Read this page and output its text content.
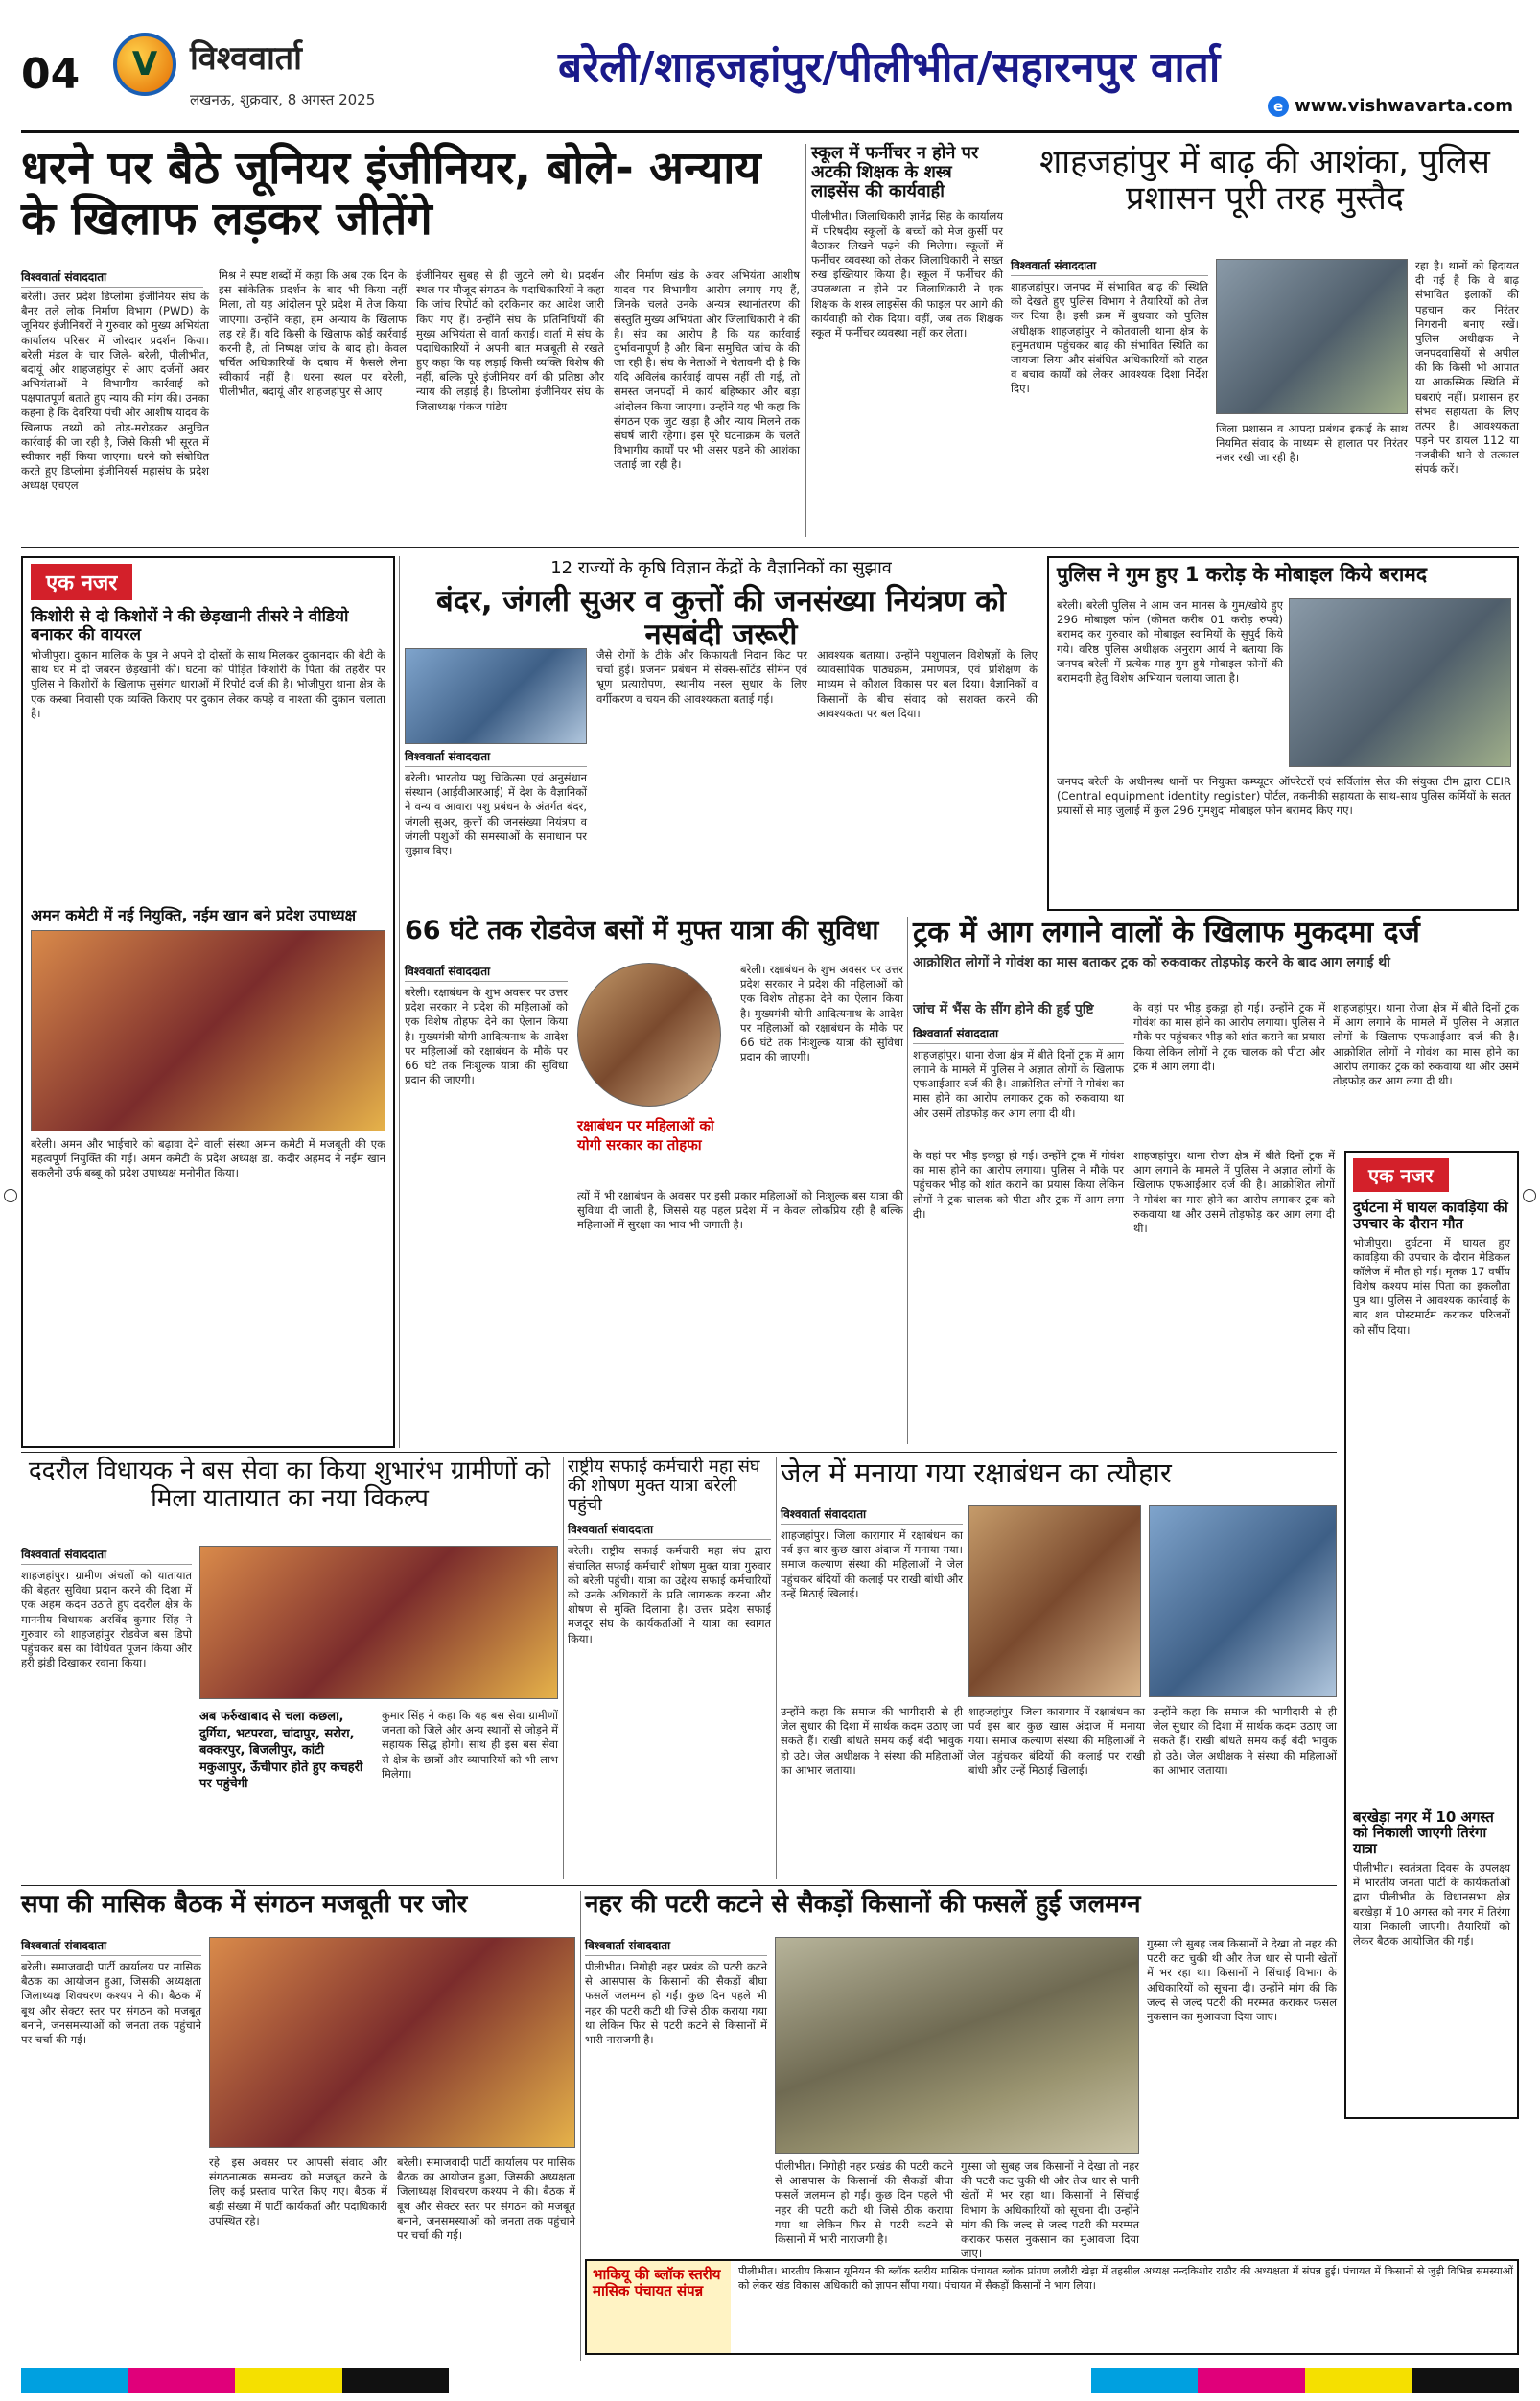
04	V विश्ववार्ता
लखनऊ, शुक्रवार, 8 अगस्त 2025
बरेली/शाहजहांपुर/पीलीभीत/सहारनपुर वार्ता
e www.vishwavarta.com
धरने पर बैठे जूनियर इंजीनियर, बोले- अन्याय के खिलाफ लड़कर जीतेंगे
विश्ववार्ता संवाददाता
बरेली। उत्तर प्रदेश डिप्लोमा इंजीनियर संघ के बैनर तले लोक निर्माण विभाग (PWD) के जूनियर इंजीनियरों ने गुरुवार को मुख्य अभियंता कार्यालय परिसर में जोरदार प्रदर्शन किया। बरेली मंडल के चार जिले- बरेली, पीलीभीत, बदायूं और शाहजहांपुर से आए दर्जनों अवर अभियंताओं ने विभागीय कार्रवाई को पक्षपातपूर्ण बताते हुए न्याय की मांग की। उनका कहना है कि देवरिया पंची और आशीष यादव के खिलाफ तथ्यों को तोड़-मरोड़कर अनुचित कार्रवाई की जा रही है, जिसे किसी भी सूरत में स्वीकार नहीं किया जाएगा। धरने को संबोधित करते हुए डिप्लोमा इंजीनियर्स महासंघ के प्रदेश अध्यक्ष एचएल
मिश्र ने स्पष्ट शब्दों में कहा कि अब एक दिन के इस सांकेतिक प्रदर्शन के बाद भी किया नहीं मिला, तो यह आंदोलन पूरे प्रदेश में तेज किया जाएगा। उन्होंने कहा, हम अन्याय के खिलाफ लड़ रहे हैं। यदि किसी के खिलाफ कोई कार्रवाई करनी है, तो निष्पक्ष जांच के बाद हो। केवल चर्चित अधिकारियों के दबाव में फैसले लेना स्वीकार्य नहीं है। धरना स्थल पर बरेली, पीलीभीत, बदायूं और शाहजहांपुर से आए
इंजीनियर सुबह से ही जुटने लगे थे। प्रदर्शन स्थल पर मौजूद संगठन के पदाधिकारियों ने कहा कि जांच रिपोर्ट को दरकिनार कर आदेश जारी किए गए हैं। उन्होंने संघ के प्रतिनिधियों की मुख्य अभियंता से वार्ता कराई। वार्ता में संघ के पदाधिकारियों ने अपनी बात मजबूती से रखते हुए कहा कि यह लड़ाई किसी व्यक्ति विशेष की नहीं, बल्कि पूरे इंजीनियर वर्ग की प्रतिष्ठा और न्याय की लड़ाई है। डिप्लोमा इंजीनियर संघ के जिलाध्यक्ष पंकज पांडेय
और निर्माण खंड के अवर अभियंता आशीष यादव पर विभागीय आरोप लगाए गए हैं, जिनके चलते उनके अन्यत्र स्थानांतरण की संस्तुति मुख्य अभियंता और जिलाधिकारी ने की है। संघ का आरोप है कि यह कार्रवाई दुर्भावनापूर्ण है और बिना समुचित जांच के की जा रही है। संघ के नेताओं ने चेतावनी दी है कि यदि अविलंब कार्रवाई वापस नहीं ली गई, तो समस्त जनपदों में कार्य बहिष्कार और बड़ा आंदोलन किया जाएगा। उन्होंने यह भी कहा कि संगठन एक जुट खड़ा है और न्याय मिलने तक संघर्ष जारी रहेगा। इस पूरे घटनाक्रम के चलते विभागीय कार्यों पर भी असर पड़ने की आशंका जताई जा रही है।
स्कूल में फर्नीचर न होने पर अटकी शिक्षक के शस्त्र लाइसेंस की कार्यवाही
पीलीभीत। जिलाधिकारी ज्ञानेंद्र सिंह के कार्यालय में परिषदीय स्कूलों के बच्चों को मेज कुर्सी पर बैठाकर लिखने पढ़ने की मिलेगा। स्कूलों में फर्नीचर व्यवस्था को लेकर जिलाधिकारी ने सख्त रुख इख्तियार किया है। स्कूल में फर्नीचर की उपलब्धता न होने पर जिलाधिकारी ने एक शिक्षक के शस्त्र लाइसेंस की फाइल पर आगे की कार्यवाही को रोक दिया। वहीं, जब तक शिक्षक स्कूल में फर्नीचर व्यवस्था नहीं कर लेता।
शाहजहांपुर में बाढ़ की आशंका, पुलिस प्रशासन पूरी तरह मुस्तैद
विश्ववार्ता संवाददाता
शाहजहांपुर। जनपद में संभावित बाढ़ की स्थिति को देखते हुए पुलिस विभाग ने तैयारियों को तेज कर दिया है। इसी क्रम में बुधवार को पुलिस अधीक्षक शाहजहांपुर ने कोतवाली थाना क्षेत्र के हनुमतधाम पहुंचकर बाढ़ की संभावित स्थिति का जायजा लिया और संबंधित अधिकारियों को राहत व बचाव कार्यों को लेकर आवश्यक दिशा निर्देश दिए।
जिला प्रशासन व आपदा प्रबंधन इकाई के साथ नियमित संवाद के माध्यम से हालात पर निरंतर नजर रखी जा रही है।
रहा है। थानों को हिदायत दी गई है कि वे बाढ़ संभावित इलाकों की पहचान कर निरंतर निगरानी बनाए रखें। पुलिस अधीक्षक ने जनपदवासियों से अपील की कि किसी भी आपात या आकस्मिक स्थिति में घबराएं नहीं। प्रशासन हर संभव सहायता के लिए तत्पर है। आवश्यकता पड़ने पर डायल 112 या नजदीकी थाने से तत्काल संपर्क करें।
एक नजर
किशोरी से दो किशोरों ने की छेड़खानी तीसरे ने वीडियो बनाकर की वायरल
भोजीपुरा। दुकान मालिक के पुत्र ने अपने दो दोस्तों के साथ मिलकर दुकानदार की बेटी के साथ घर में दो जबरन छेड़खानी की। घटना को पीड़ित किशोरी के पिता की तहरीर पर पुलिस ने किशोरों के खिलाफ सुसंगत धाराओं में रिपोर्ट दर्ज की है। भोजीपुरा थाना क्षेत्र के एक कस्बा निवासी एक व्यक्ति किराए पर दुकान लेकर कपड़े व नाश्ता की दुकान चलाता है।
अमन कमेटी में नई नियुक्ति, नईम खान बने प्रदेश उपाध्यक्ष
बरेली। अमन और भाईचारे को बढ़ावा देने वाली संस्था अमन कमेटी में मजबूती की एक महत्वपूर्ण नियुक्ति की गई। अमन कमेटी के प्रदेश अध्यक्ष डा. कदीर अहमद ने नईम खान सकलैनी उर्फ बब्बू को प्रदेश उपाध्यक्ष मनोनीत किया।
12 राज्यों के कृषि विज्ञान केंद्रों के वैज्ञानिकों का सुझाव
बंदर, जंगली सुअर व कुत्तों की जनसंख्या नियंत्रण को नसबंदी जरूरी
विश्ववार्ता संवाददाता
बरेली। भारतीय पशु चिकित्सा एवं अनुसंधान संस्थान (आईवीआरआई) में देश के वैज्ञानिकों ने वन्य व आवारा पशु प्रबंधन के अंतर्गत बंदर, जंगली सुअर, कुत्तों की जनसंख्या नियंत्रण व जंगली पशुओं की समस्याओं के समाधान पर सुझाव दिए।
जैसे रोगों के टीके और किफायती निदान किट पर चर्चा हुई। प्रजनन प्रबंधन में सेक्स-सॉर्टेड सीमेन एवं भ्रूण प्रत्यारोपण, स्थानीय नस्ल सुधार के लिए वर्गीकरण व चयन की आवश्यकता बताई गई।
आवश्यक बताया। उन्होंने पशुपालन विशेषज्ञों के लिए व्यावसायिक पाठ्यक्रम, प्रमाणपत्र, एवं प्रशिक्षण के माध्यम से कौशल विकास पर बल दिया। वैज्ञानिकों व किसानों के बीच संवाद को सशक्त करने की आवश्यकता पर बल दिया।
पुलिस ने गुम हुए 1 करोड़ के मोबाइल किये बरामद
बरेली। बरेली पुलिस ने आम जन मानस के गुम/खोये हुए 296 मोबाइल फोन (कीमत करीब 01 करोड़ रुपये) बरामद कर गुरुवार को मोबाइल स्वामियों के सुपुर्द किये गये। वरिष्ठ पुलिस अधीक्षक अनुराग आर्य ने बताया कि जनपद बरेली में प्रत्येक माह गुम हुये मोबाइल फोनों की बरामदगी हेतु विशेष अभियान चलाया जाता है।
जनपद बरेली के अधीनस्थ थानों पर नियुक्त कम्प्यूटर ऑपरेटरों एवं सर्विलांस सेल की संयुक्त टीम द्वारा CEIR (Central equipment identity register) पोर्टल, तकनीकी सहायता के साथ-साथ पुलिस कर्मियों के सतत प्रयासों से माह जुलाई में कुल 296 गुमशुदा मोबाइल फोन बरामद किए गए।
66 घंटे तक रोडवेज बसों में मुफ्त यात्रा की सुविधा
विश्ववार्ता संवाददाता
बरेली। रक्षाबंधन के शुभ अवसर पर उत्तर प्रदेश सरकार ने प्रदेश की महिलाओं को एक विशेष तोहफा देने का ऐलान किया है। मुख्यमंत्री योगी आदित्यनाथ के आदेश पर महिलाओं को रक्षाबंधन के मौके पर 66 घंटे तक निःशुल्क यात्रा की सुविधा प्रदान की जाएगी।
रक्षाबंधन पर महिलाओं को योगी सरकार का तोहफा
त्यों में भी रक्षाबंधन के अवसर पर इसी प्रकार महिलाओं को निःशुल्क बस यात्रा की सुविधा दी जाती है, जिससे यह पहल प्रदेश में न केवल लोकप्रिय रही है बल्कि महिलाओं में सुरक्षा का भाव भी जगाती है।
बरेली। रक्षाबंधन के शुभ अवसर पर उत्तर प्रदेश सरकार ने प्रदेश की महिलाओं को एक विशेष तोहफा देने का ऐलान किया है। मुख्यमंत्री योगी आदित्यनाथ के आदेश पर महिलाओं को रक्षाबंधन के मौके पर 66 घंटे तक निःशुल्क यात्रा की सुविधा प्रदान की जाएगी।
ट्रक में आग लगाने वालों के खिलाफ मुकदमा दर्ज
आक्रोशित लोगों ने गोवंश का मास बताकर ट्रक को रुकवाकर तोड़फोड़ करने के बाद आग लगाई थी
जांच में भैंस के सींग होने की हुई पुष्टि
विश्ववार्ता संवाददाता
शाहजहांपुर। थाना रोजा क्षेत्र में बीते दिनों ट्रक में आग लगाने के मामले में पुलिस ने अज्ञात लोगों के खिलाफ एफआईआर दर्ज की है। आक्रोशित लोगों ने गोवंश का मास होने का आरोप लगाकर ट्रक को रुकवाया था और उसमें तोड़फोड़ कर आग लगा दी थी।
के वहां पर भीड़ इकट्ठा हो गई। उन्होंने ट्रक में गोवंश का मास होने का आरोप लगाया। पुलिस ने मौके पर पहुंचकर भीड़ को शांत कराने का प्रयास किया लेकिन लोगों ने ट्रक चालक को पीटा और ट्रक में आग लगा दी।
शाहजहांपुर। थाना रोजा क्षेत्र में बीते दिनों ट्रक में आग लगाने के मामले में पुलिस ने अज्ञात लोगों के खिलाफ एफआईआर दर्ज की है। आक्रोशित लोगों ने गोवंश का मास होने का आरोप लगाकर ट्रक को रुकवाया था और उसमें तोड़फोड़ कर आग लगा दी थी।
के वहां पर भीड़ इकट्ठा हो गई। उन्होंने ट्रक में गोवंश का मास होने का आरोप लगाया। पुलिस ने मौके पर पहुंचकर भीड़ को शांत कराने का प्रयास किया लेकिन लोगों ने ट्रक चालक को पीटा और ट्रक में आग लगा दी।
शाहजहांपुर। थाना रोजा क्षेत्र में बीते दिनों ट्रक में आग लगाने के मामले में पुलिस ने अज्ञात लोगों के खिलाफ एफआईआर दर्ज की है। आक्रोशित लोगों ने गोवंश का मास होने का आरोप लगाकर ट्रक को रुकवाया था और उसमें तोड़फोड़ कर आग लगा दी थी।
एक नजर
दुर्घटना में घायल कावड़िया की उपचार के दौरान मौत
भोजीपुरा। दुर्घटना में घायल हुए कावड़िया की उपचार के दौरान मेडिकल कॉलेज में मौत हो गई। मृतक 17 वर्षीय विशेष कश्यप मांस पिता का इकलौता पुत्र था। पुलिस ने आवश्यक कार्रवाई के बाद शव पोस्टमार्टम कराकर परिजनों को सौंप दिया।
बरखेड़ा नगर में 10 अगस्त को निकाली जाएगी तिरंगा यात्रा
पीलीभीत। स्वतंत्रता दिवस के उपलक्ष्य में भारतीय जनता पार्टी के कार्यकर्ताओं द्वारा पीलीभीत के विधानसभा क्षेत्र बरखेड़ा में 10 अगस्त को नगर में तिरंगा यात्रा निकाली जाएगी। तैयारियों को लेकर बैठक आयोजित की गई।
ददरौल विधायक ने बस सेवा का किया शुभारंभ ग्रामीणों को मिला यातायात का नया विकल्प
विश्ववार्ता संवाददाता
शाहजहांपुर। ग्रामीण अंचलों को यातायात की बेहतर सुविधा प्रदान करने की दिशा में एक अहम कदम उठाते हुए ददरौल क्षेत्र के माननीय विधायक अरविंद कुमार सिंह ने गुरुवार को शाहजहांपुर रोडवेज बस डिपो पहुंचकर बस का विधिवत पूजन किया और हरी झंडी दिखाकर रवाना किया।
अब फर्रुखाबाद से चला कछला, दुर्गिया, भटपरवा, चांदापुर, सरोरा, बक्करपुर, बिजलीपुर, कांटी मकुआपुर, ऊँचीपार होते हुए कचहरी पर पहुंचेगी
कुमार सिंह ने कहा कि यह बस सेवा ग्रामीणों जनता को जिले और अन्य स्थानों से जोड़ने में सहायक सिद्ध होगी। साथ ही इस बस सेवा से क्षेत्र के छात्रों और व्यापारियों को भी लाभ मिलेगा।
राष्ट्रीय सफाई कर्मचारी महा संघ की शोषण मुक्त यात्रा बरेली पहुंची
विश्ववार्ता संवाददाता
बरेली। राष्ट्रीय सफाई कर्मचारी महा संघ द्वारा संचालित सफाई कर्मचारी शोषण मुक्त यात्रा गुरुवार को बरेली पहुंची। यात्रा का उद्देश्य सफाई कर्मचारियों को उनके अधिकारों के प्रति जागरूक करना और शोषण से मुक्ति दिलाना है। उत्तर प्रदेश सफाई मजदूर संघ के कार्यकर्ताओं ने यात्रा का स्वागत किया।
जेल में मनाया गया रक्षाबंधन का त्यौहार
विश्ववार्ता संवाददाता
शाहजहांपुर। जिला कारागार में रक्षाबंधन का पर्व इस बार कुछ खास अंदाज में मनाया गया। समाज कल्याण संस्था की महिलाओं ने जेल पहुंचकर बंदियों की कलाई पर राखी बांधी और उन्हें मिठाई खिलाई।
उन्होंने कहा कि समाज की भागीदारी से ही जेल सुधार की दिशा में सार्थक कदम उठाए जा सकते हैं। राखी बांधते समय कई बंदी भावुक हो उठे। जेल अधीक्षक ने संस्था की महिलाओं का आभार जताया।
शाहजहांपुर। जिला कारागार में रक्षाबंधन का पर्व इस बार कुछ खास अंदाज में मनाया गया। समाज कल्याण संस्था की महिलाओं ने जेल पहुंचकर बंदियों की कलाई पर राखी बांधी और उन्हें मिठाई खिलाई।
उन्होंने कहा कि समाज की भागीदारी से ही जेल सुधार की दिशा में सार्थक कदम उठाए जा सकते हैं। राखी बांधते समय कई बंदी भावुक हो उठे। जेल अधीक्षक ने संस्था की महिलाओं का आभार जताया।
सपा की मासिक बैठक में संगठन मजबूती पर जोर
विश्ववार्ता संवाददाता
बरेली। समाजवादी पार्टी कार्यालय पर मासिक बैठक का आयोजन हुआ, जिसकी अध्यक्षता जिलाध्यक्ष शिवचरण कश्यप ने की। बैठक में बूथ और सेक्टर स्तर पर संगठन को मजबूत बनाने, जनसमस्याओं को जनता तक पहुंचाने पर चर्चा की गई।
रहे। इस अवसर पर आपसी संवाद और संगठनात्मक समन्वय को मजबूत करने के लिए कई प्रस्ताव पारित किए गए। बैठक में बड़ी संख्या में पार्टी कार्यकर्ता और पदाधिकारी उपस्थित रहे।
बरेली। समाजवादी पार्टी कार्यालय पर मासिक बैठक का आयोजन हुआ, जिसकी अध्यक्षता जिलाध्यक्ष शिवचरण कश्यप ने की। बैठक में बूथ और सेक्टर स्तर पर संगठन को मजबूत बनाने, जनसमस्याओं को जनता तक पहुंचाने पर चर्चा की गई।
नहर की पटरी कटने से सैकड़ों किसानों की फसलें हुई जलमग्न
विश्ववार्ता संवाददाता
पीलीभीत। निगोही नहर प्रखंड की पटरी कटने से आसपास के किसानों की सैकड़ों बीघा फसलें जलमग्न हो गईं। कुछ दिन पहले भी नहर की पटरी कटी थी जिसे ठीक कराया गया था लेकिन फिर से पटरी कटने से किसानों में भारी नाराजगी है।
पीलीभीत। निगोही नहर प्रखंड की पटरी कटने से आसपास के किसानों की सैकड़ों बीघा फसलें जलमग्न हो गईं। कुछ दिन पहले भी नहर की पटरी कटी थी जिसे ठीक कराया गया था लेकिन फिर से पटरी कटने से किसानों में भारी नाराजगी है।
गुस्सा जी सुबह जब किसानों ने देखा तो नहर की पटरी कट चुकी थी और तेज धार से पानी खेतों में भर रहा था। किसानों ने सिंचाई विभाग के अधिकारियों को सूचना दी। उन्होंने मांग की कि जल्द से जल्द पटरी की मरम्मत कराकर फसल नुकसान का मुआवजा दिया जाए।
गुस्सा जी सुबह जब किसानों ने देखा तो नहर की पटरी कट चुकी थी और तेज धार से पानी खेतों में भर रहा था। किसानों ने सिंचाई विभाग के अधिकारियों को सूचना दी। उन्होंने मांग की कि जल्द से जल्द पटरी की मरम्मत कराकर फसल नुकसान का मुआवजा दिया जाए।
भाकियू की ब्लॉक स्तरीय मासिक पंचायत संपन्न
पीलीभीत। भारतीय किसान यूनियन की ब्लॉक स्तरीय मासिक पंचायत ब्लॉक प्रांगण ललौरी खेड़ा में तहसील अध्यक्ष नन्दकिशोर राठौर की अध्यक्षता में संपन्न हुई। पंचायत में किसानों से जुड़ी विभिन्न समस्याओं को लेकर खंड विकास अधिकारी को ज्ञापन सौंपा गया। पंचायत में सैकड़ों किसानों ने भाग लिया।
